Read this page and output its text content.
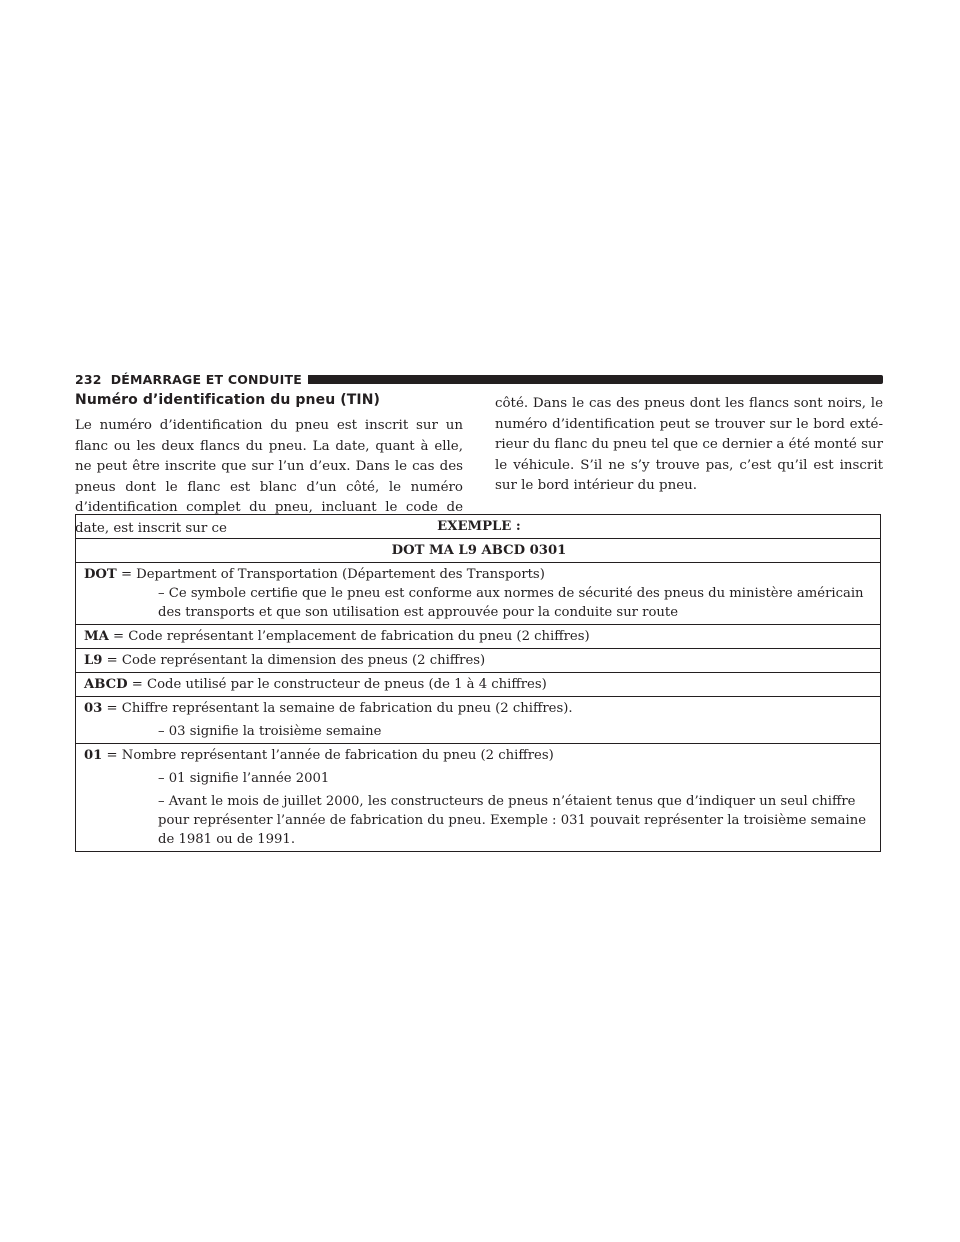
232 DÉMARRAGE ET CONDUITE
Numéro d’identification du pneu (TIN)
Le numéro d’identification du pneu est inscrit sur un flanc ou les deux flancs du pneu. La date, quant à elle, ne peut être inscrite que sur l’un d’eux. Dans le cas des pneus dont le flanc est blanc d’un côté, le numéro d’identification complet du pneu, incluant le code de date, est inscrit sur ce
côté. Dans le cas des pneus dont les flancs sont noirs, le numéro d’identification peut se trouver sur le bord exté-rieur du flanc du pneu tel que ce dernier a été monté sur le véhicule. S’il ne s’y trouve pas, c’est qu’il est inscrit sur le bord intérieur du pneu.
EXEMPLE :
DOT MA L9 ABCD 0301
DOT = Department of Transportation (Département des Transports)
– Ce symbole certifie que le pneu est conforme aux normes de sécurité des pneus du ministère américain des transports et que son utilisation est approuvée pour la conduite sur route
MA = Code représentant l’emplacement de fabrication du pneu (2 chiffres)
L9 = Code représentant la dimension des pneus (2 chiffres)
ABCD = Code utilisé par le constructeur de pneus (de 1 à 4 chiffres)
03 = Chiffre représentant la semaine de fabrication du pneu (2 chiffres).
– 03 signifie la troisième semaine
01 = Nombre représentant l’année de fabrication du pneu (2 chiffres)
– 01 signifie l’année 2001
– Avant le mois de juillet 2000, les constructeurs de pneus n’étaient tenus que d’indiquer un seul chiffre pour représenter l’année de fabrication du pneu. Exemple : 031 pouvait représenter la troisième semaine de 1981 ou de 1991.
